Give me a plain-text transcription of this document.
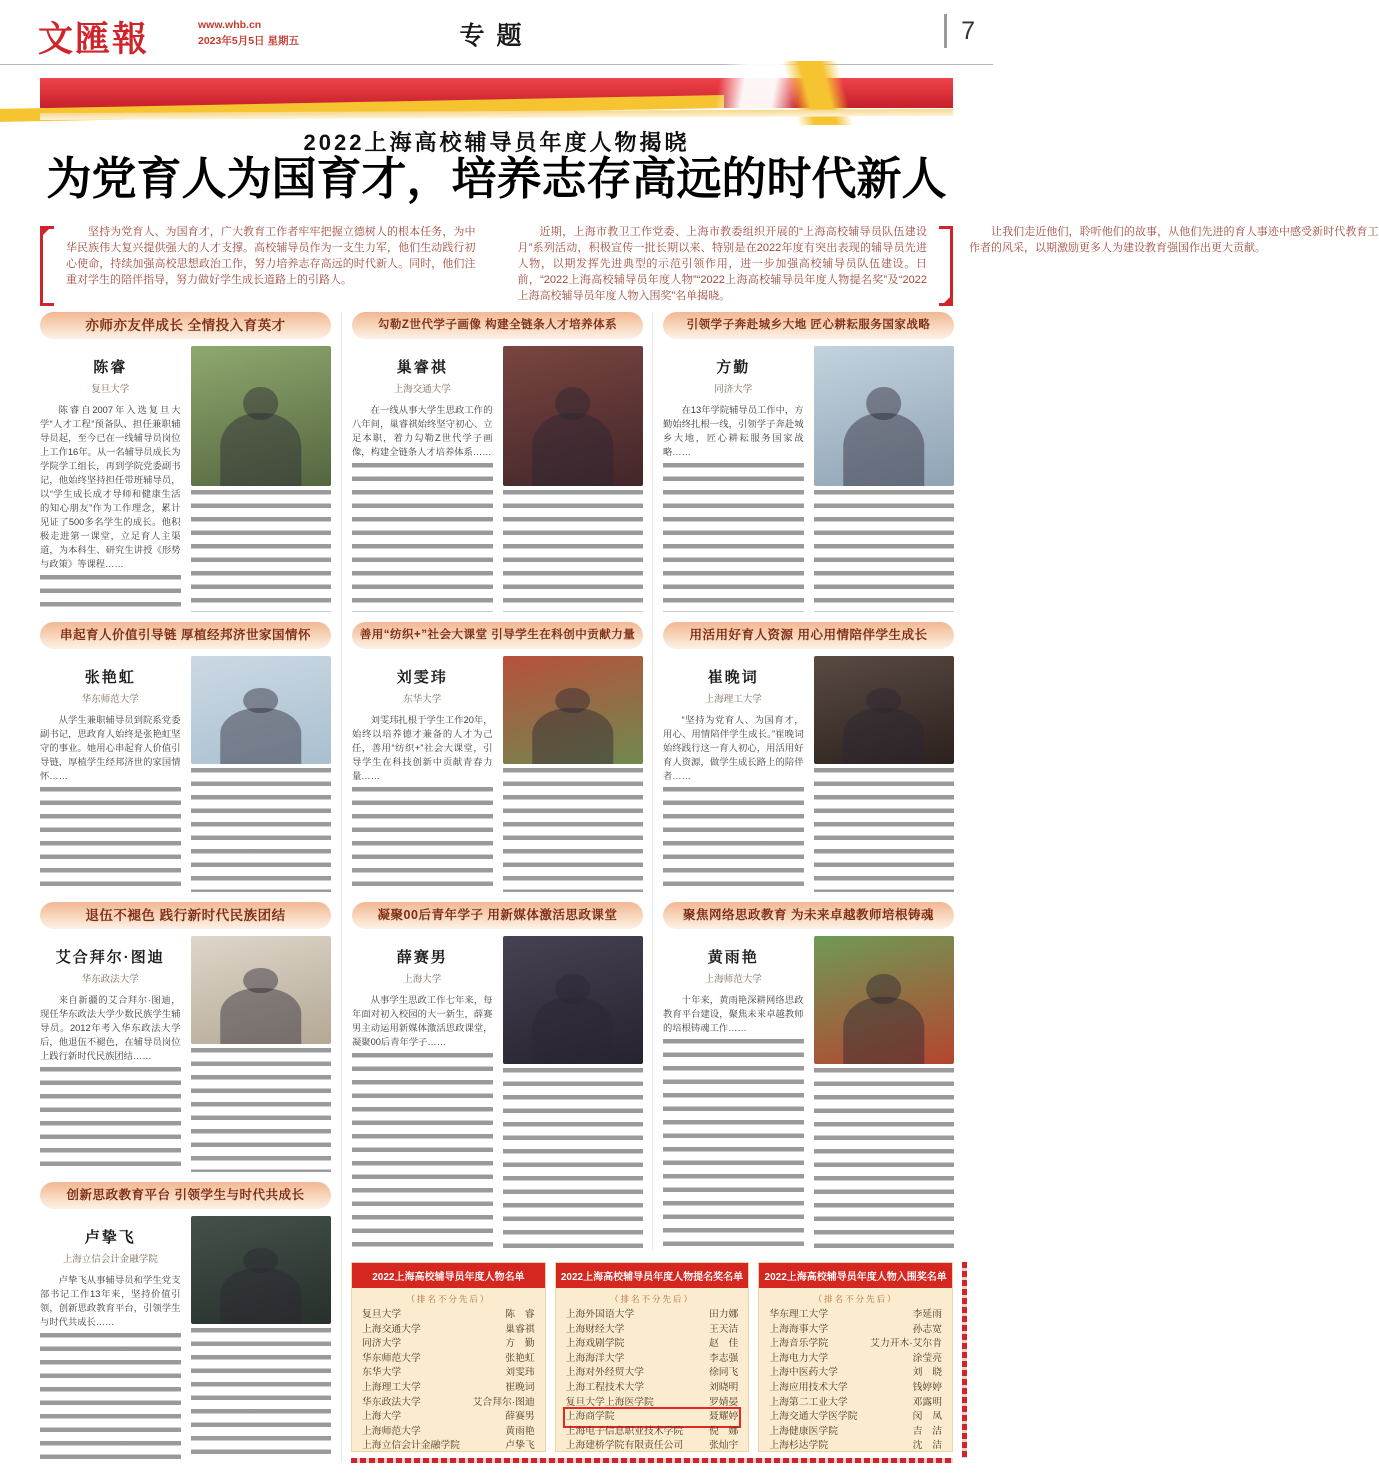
文匯報	www.whb.cn
2023年5月5日 星期五	专题	7
2022上海高校辅导员年度人物揭晓
为党育人为国育才，培养志存高远的时代新人

坚持为党育人、为国育才，广大教育工作者牢牢把握立德树人的根本任务，为中华民族伟大复兴提供强大的人才支撑。高校辅导员作为一支生力军，他们生动践行初心使命，持续加强高校思想政治工作，努力培养志存高远的时代新人。同时，他们注重对学生的陪伴指导，努力做好学生成长道路上的引路人。

近期，上海市教卫工作党委、上海市教委组织开展的“上海高校辅导员队伍建设月”系列活动，积极宣传一批长期以来、特别是在2022年度有突出表现的辅导员先进人物，以期发挥先进典型的示范引领作用，进一步加强高校辅导员队伍建设。日前，“2022上海高校辅导员年度人物”“2022上海高校辅导员年度人物提名奖”及“2022上海高校辅导员年度人物入围奖”名单揭晓。

让我们走近他们，聆听他们的故事，从他们先进的育人事迹中感受新时代教育工作者的风采，以期激励更多人为建设教育强国作出更大贡献。

亦师亦友伴成长 全情投入育英才
陈睿
复旦大学

陈睿自2007年入选复旦大学“人才工程”预备队、担任兼职辅导员起，至今已在一线辅导员岗位上工作16年。从一名辅导员成长为学院学工组长，再到学院党委副书记，他始终坚持担任带班辅导员，以“学生成长成才导师和健康生活的知心朋友”作为工作理念，累计见证了500多名学生的成长。他积极走进第一课堂，立足育人主渠道，为本科生、研究生讲授《形势与政策》等课程……

勾勒Z世代学子画像 构建全链条人才培养体系
巢睿祺
上海交通大学

在一线从事大学生思政工作的八年间，巢睿祺始终坚守初心、立足本职，着力勾勒Z世代学子画像，构建全链条人才培养体系……

引领学子奔赴城乡大地 匠心耕耘服务国家战略
方勤
同济大学

在13年学院辅导员工作中，方勤始终扎根一线，引领学子奔赴城乡大地，匠心耕耘服务国家战略……

串起育人价值引导链 厚植经邦济世家国情怀
张艳虹
华东师范大学

从学生兼职辅导员到院系党委副书记，思政育人始终是张艳虹坚守的事业。她用心串起育人价值引导链，厚植学生经邦济世的家国情怀……

善用“纺织+”社会大课堂 引导学生在科创中贡献力量
刘雯玮
东华大学

刘雯玮扎根于学生工作20年，始终以培养德才兼备的人才为己任，善用“纺织+”社会大课堂，引导学生在科技创新中贡献青春力量……

用活用好育人资源 用心用情陪伴学生成长
崔晚词
上海理工大学

“坚持为党育人、为国育才，用心、用情陪伴学生成长。”崔晚词始终践行这一育人初心，用活用好育人资源，做学生成长路上的陪伴者……

退伍不褪色 践行新时代民族团结
艾合拜尔·图迪
华东政法大学

来自新疆的艾合拜尔·图迪，现任华东政法大学少数民族学生辅导员。2012年考入华东政法大学后，他退伍不褪色，在辅导员岗位上践行新时代民族团结……

凝聚00后青年学子 用新媒体激活思政课堂
薛赛男
上海大学

从事学生思政工作七年来，每年面对初入校园的大一新生，薛赛男主动运用新媒体激活思政课堂，凝聚00后青年学子……

聚焦网络思政教育 为未来卓越教师培根铸魂
黄雨艳
上海师范大学

十年来，黄雨艳深耕网络思政教育平台建设，聚焦未来卓越教师的培根铸魂工作……

创新思政教育平台 引领学生与时代共成长
卢挚飞
上海立信会计金融学院

卢挚飞从事辅导员和学生党支部书记工作13年来，坚持价值引领，创新思政教育平台，引领学生与时代共成长……

2022上海高校辅导员年度人物名单
（排名不分先后）
复旦大学	陈　睿
上海交通大学	巢睿祺
同济大学	方　勤
华东师范大学	张艳虹
东华大学	刘雯玮
上海理工大学	崔晚词
华东政法大学	艾合拜尔·图迪
上海大学	薛赛男
上海师范大学	黄雨艳
上海立信会计金融学院	卢挚飞
2022上海高校辅导员年度人物提名奖名单
（排名不分先后）
上海外国语大学	田力娜
上海财经大学	王天洁
上海戏剧学院	赵　佳
上海海洋大学	李志强
上海对外经贸大学	徐同飞
上海工程技术大学	刘晓明
复旦大学上海医学院	罗婧晏
上海商学院	聂耀婷
上海电子信息职业技术学院	倪　娜
上海建桥学院有限责任公司	张灿宇
2022上海高校辅导员年度人物入围奖名单
（排名不分先后）
华东理工大学	李延雨
上海海事大学	孙志宽
上海音乐学院	艾力开木·艾尔肯
上海电力大学	涂莹亮
上海中医药大学	刘　晓
上海应用技术大学	钱婷婷
上海第二工业大学	邓露明
上海交通大学医学院	闵　凤
上海健康医学院	吉　洁
上海杉达学院	沈　洁
